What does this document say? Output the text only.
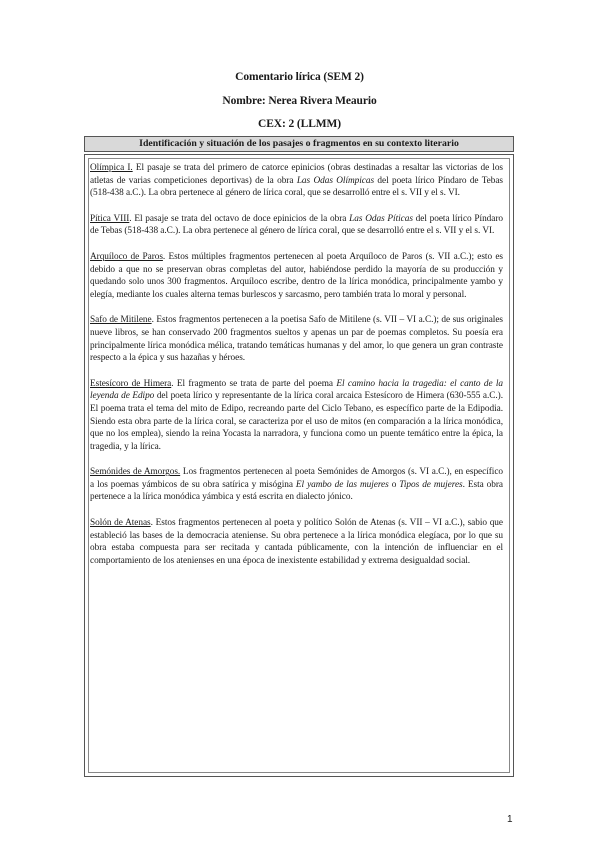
Comentario lírica (SEM 2)
Nombre: Nerea Rivera Meaurio
CEX: 2 (LLMM)
Identificación y situación de los pasajes o fragmentos en su contexto literario

Olímpica I. El pasaje se trata del primero de catorce epinicios (obras destinadas a resaltar las victorias de los atletas de varias competiciones deportivas) de la obra Las Odas Olímpicas del poeta lírico Píndaro de Tebas (518-438 a.C.). La obra pertenece al género de lírica coral, que se desarrolló entre el s. VII y el s. VI.

Pítica VIII. El pasaje se trata del octavo de doce epinicios de la obra Las Odas Píticas del poeta lírico Píndaro de Tebas (518-438 a.C.). La obra pertenece al género de lírica coral, que se desarrolló entre el s. VII y el s. VI.

Arquíloco de Paros. Estos múltiples fragmentos pertenecen al poeta Arquíloco de Paros (s. VII a.C.); esto es debido a que no se preservan obras completas del autor, habiéndose perdido la mayoría de su producción y quedando solo unos 300 fragmentos. Arquíloco escribe, dentro de la lírica monódica, principalmente yambo y elegía, mediante los cuales alterna temas burlescos y sarcasmo, pero también trata lo moral y personal.

Safo de Mitilene. Estos fragmentos pertenecen a la poetisa Safo de Mitilene (s. VII – VI a.C.); de sus originales nueve libros, se han conservado 200 fragmentos sueltos y apenas un par de poemas completos. Su poesía era principalmente lírica monódica mélica, tratando temáticas humanas y del amor, lo que genera un gran contraste respecto a la épica y sus hazañas y héroes.

Estesícoro de Himera. El fragmento se trata de parte del poema El camino hacia la tragedia: el canto de la leyenda de Edipo del poeta lírico y representante de la lírica coral arcaica Estesícoro de Himera (630-555 a.C.). El poema trata el tema del mito de Edipo, recreando parte del Ciclo Tebano, es específico parte de la Edipodia. Siendo esta obra parte de la lírica coral, se caracteriza por el uso de mitos (en comparación a la lírica monódica, que no los emplea), siendo la reina Yocasta la narradora, y funciona como un puente temático entre la épica, la tragedia, y la lírica.

Semónides de Amorgos. Los fragmentos pertenecen al poeta Semónides de Amorgos (s. VI a.C.), en específico a los poemas yámbicos de su obra satírica y misógina El yambo de las mujeres o Tipos de mujeres. Esta obra pertenece a la lírica monódica yámbica y está escrita en dialecto jónico.

Solón de Atenas. Estos fragmentos pertenecen al poeta y político Solón de Atenas (s. VII – VI a.C.), sabio que estableció las bases de la democracia ateniense. Su obra pertenece a la lírica monódica elegíaca, por lo que su obra estaba compuesta para ser recitada y cantada públicamente, con la intención de influenciar en el comportamiento de los atenienses en una época de inexistente estabilidad y extrema desigualdad social.

1
